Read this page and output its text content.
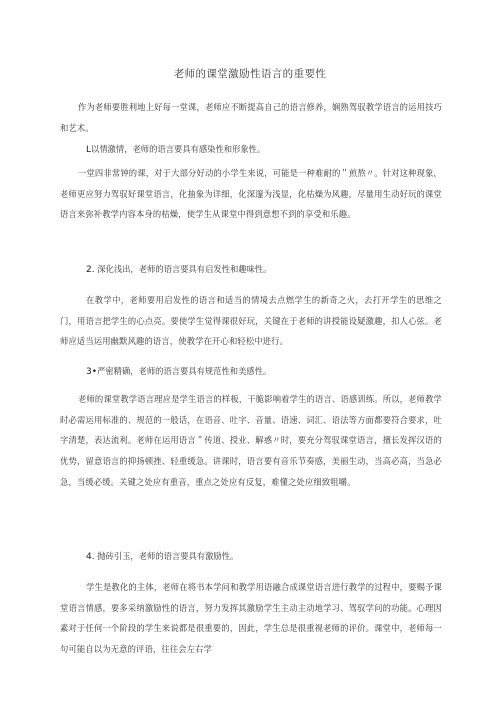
老师的课堂激励性语言的重要性

作为老师要胜利地上好每一堂课，老师应不断提高自己的语言修养，娴熟驾驭教学语言的运用技巧和艺术。

L以情激情，老师的语言要具有感染性和形象性。

一堂四非常钟的课，对于大部分好动的小学生来说，可能是一种难耐的＂煎熬〃。针对这种现象，老师更应努力驾驭好课堂语言，化抽象为详细，化深邃为浅显，化枯燥为风趣，尽量用生动好玩的课堂语言来弥补教学内容本身的枯燥，使学生从课堂中得到意想不到的享受和乐趣。

2. 深化浅出，老师的语言要具有启发性和趣味性。

在教学中，老师要用启发性的语言和适当的情境去点燃学生的新奇之火，去打开学生的思维之门，用语言把学生的心点亮。要使学生觉得课很好玩，关键在于老师的讲授能设疑激趣，扣人心弦。老师应适当运用幽默风趣的语言，使教学在开心和轻松中进行。

3•严密精确，老师的语言要具有规范性和美感性。

老师的课堂教学语言理应是学生语言的样板，干脆影响着学生的语言、语感训练。所以，老师教学时必需运用标准的、规范的一般话，在语音、吐字、音量、语速、词汇、语法等方面都要符合要求，吐字清楚，表达流利。老师在运用语言＂传道、授业、解惑〃时，要充分驾驭课堂语言，擅长发挥汉语的优势，留意语言的抑扬顿挫、轻重缓急。讲课时，语言要有音乐节奏感，美丽生动，当高必高，当急必急，当缓必缓。关键之处应有重音，重点之处应有反复，难懂之处应细致咀嚼。

4. 抛砖引玉，老师的语言要具有激励性。

学生是教化的主体，老师在将书本学问和教学用语融合成课堂语言进行教学的过程中，要赐予课堂语言情感，要多采纳激励性的语言，努力发挥其激励学生主动主动地学习、驾驭学问的功能。心理因素对于任何一个阶段的学生来说都是很重要的，因此，学生总是很重视老师的评价。课堂中，老师每一句可能自以为无意的评语，往往会左右学
